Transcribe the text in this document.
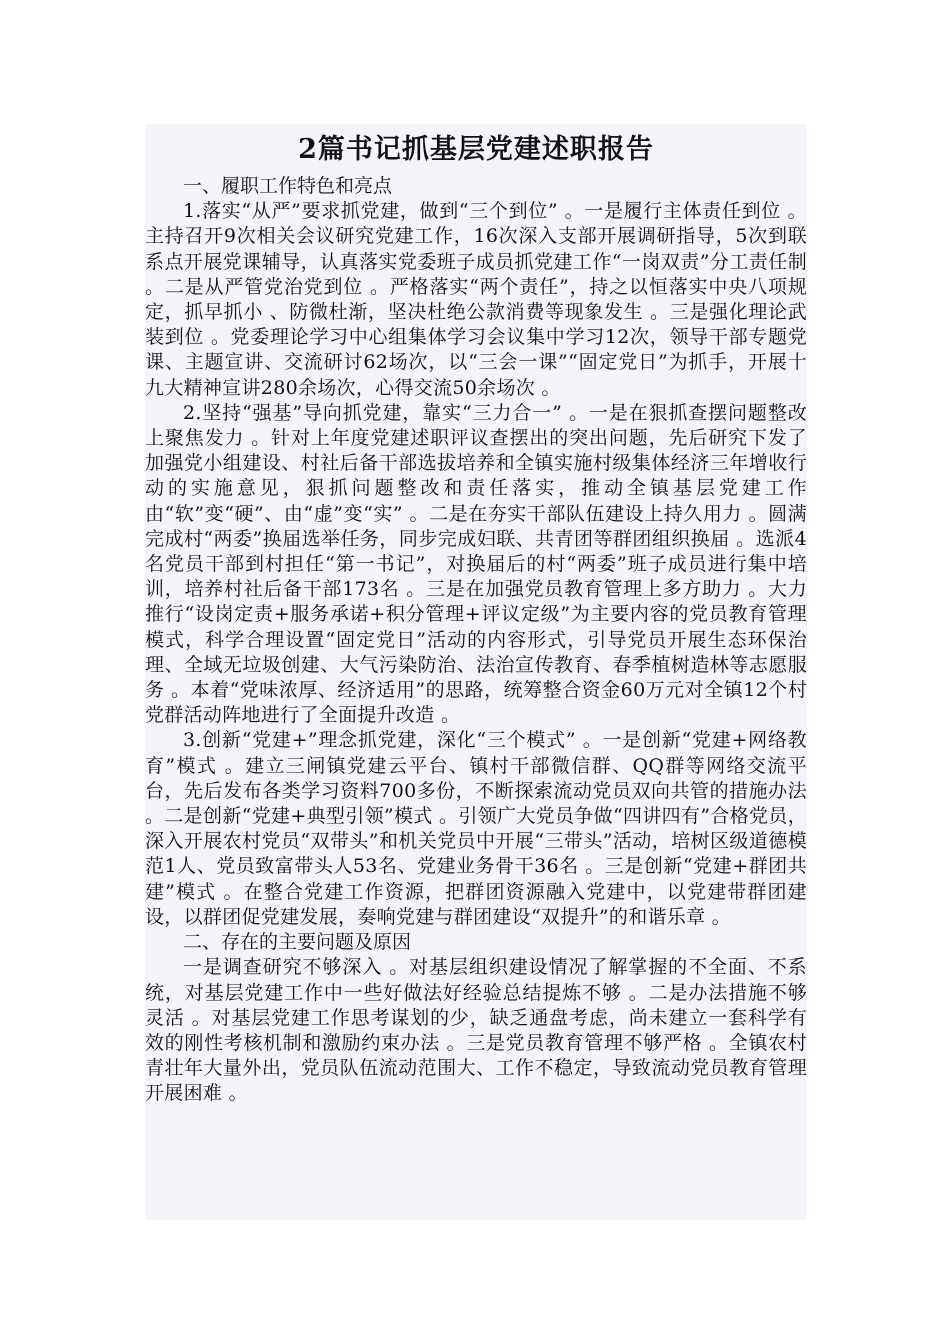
2篇书记抓基层党建述职报告

一、履职工作特色和亮点

1.落实“从严”要求抓党建，做到“三个到位” 。一是履行主体责任到位 。主持召开9次相关会议研究党建工作，16次深入支部开展调研指导，5次到联系点开展党课辅导，认真落实党委班子成员抓党建工作“一岗双责”分工责任制 。二是从严管党治党到位 。严格落实“两个责任”，持之以恒落实中央八项规定，抓早抓小 、防微杜渐，坚决杜绝公款消费等现象发生 。三是强化理论武装到位 。党委理论学习中心组集体学习会议集中学习12次，领导干部专题党课、主题宣讲、交流研讨62场次，以“三会一课”“固定党日”为抓手，开展十九大精神宣讲280余场次，心得交流50余场次 。

2.坚持“强基”导向抓党建，靠实“三力合一” 。一是在狠抓查摆问题整改上聚焦发力 。针对上年度党建述职评议查摆出的突出问题，先后研究下发了加强党小组建设、村社后备干部选拔培养和全镇实施村级集体经济三年增收行动的实施意见，狠抓问题整改和责任落实，推动全镇基层党建工作由“软”变“硬”、由“虚”变“实” 。二是在夯实干部队伍建设上持久用力 。圆满完成村“两委”换届选举任务，同步完成妇联、共青团等群团组织换届 。选派4名党员干部到村担任“第一书记”，对换届后的村“两委”班子成员进行集中培训，培养村社后备干部173名 。三是在加强党员教育管理上多方助力 。大力推行“设岗定责+服务承诺+积分管理+评议定级”为主要内容的党员教育管理模式，科学合理设置“固定党日”活动的内容形式，引导党员开展生态环保治理、全域无垃圾创建、大气污染防治、法治宣传教育、春季植树造林等志愿服务 。本着“党味浓厚、经济适用”的思路，统筹整合资金60万元对全镇12个村党群活动阵地进行了全面提升改造 。

3.创新“党建+”理念抓党建，深化“三个模式” 。一是创新“党建+网络教育”模式 。建立三闸镇党建云平台、镇村干部微信群、QQ群等网络交流平台，先后发布各类学习资料700多份，不断探索流动党员双向共管的措施办法 。二是创新“党建+典型引领”模式 。引领广大党员争做“四讲四有”合格党员，深入开展农村党员“双带头”和机关党员中开展“三带头”活动，培树区级道德模范1人、党员致富带头人53名、党建业务骨干36名 。三是创新“党建+群团共建”模式 。在整合党建工作资源，把群团资源融入党建中，以党建带群团建设，以群团促党建发展，奏响党建与群团建设“双提升”的和谐乐章 。

二、存在的主要问题及原因

一是调查研究不够深入 。对基层组织建设情况了解掌握的不全面、不系统，对基层党建工作中一些好做法好经验总结提炼不够 。二是办法措施不够灵活 。对基层党建工作思考谋划的少，缺乏通盘考虑，尚未建立一套科学有效的刚性考核机制和激励约束办法 。三是党员教育管理不够严格 。全镇农村青壮年大量外出，党员队伍流动范围大、工作不稳定，导致流动党员教育管理开展困难 。
